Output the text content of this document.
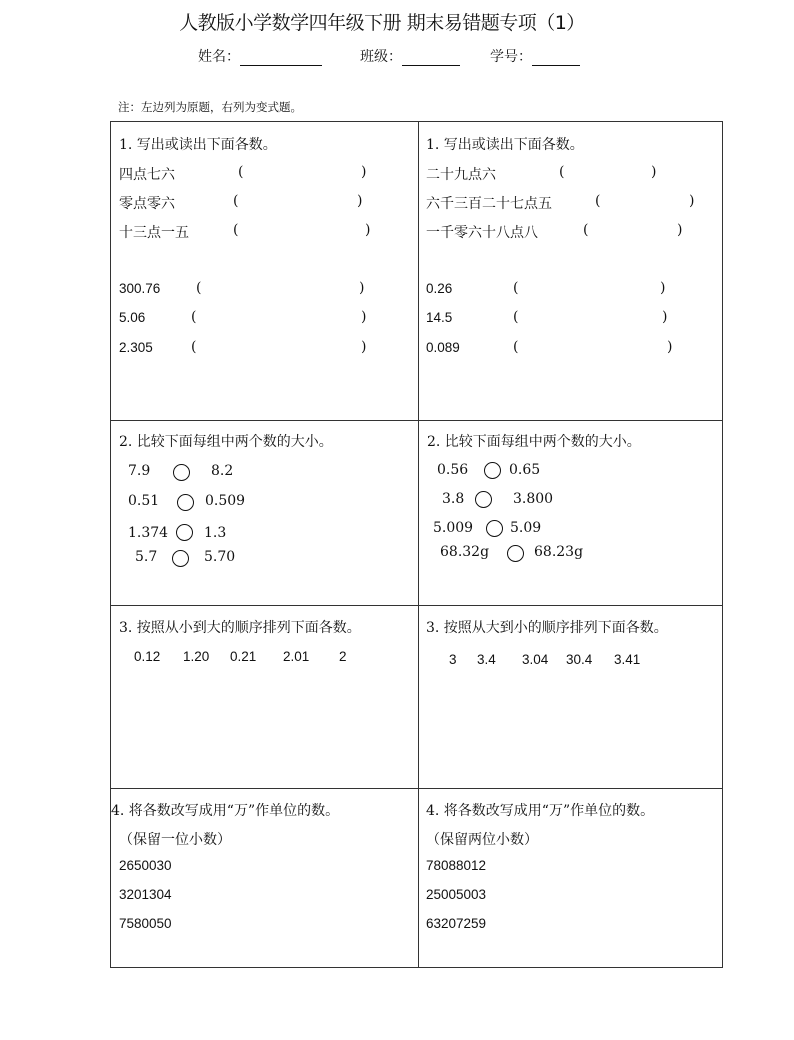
人教版小学数学四年级下册 期末易错题专项（1）
姓名：	班级：	学号：
注：左边列为原题，右列为变式题。
1. 写出或读出下面各数。
四点七六	(	)
零点零六	(	)
十三点一五	(	)
300.76	(	)
5.06	(	)
2.305	(	)
1. 写出或读出下面各数。
二十九点六	(	)
六千三百二十七点五	(	)
一千零六十八点八	(	)
0.26	(	)
14.5	(	)
0.089	(	)
2. 比较下面每组中两个数的大小。
7.9	8.2
0.51	0.509
1.374	1.3
5.7	5.70
2. 比较下面每组中两个数的大小。
0.56	0.65
3.8	3.800
5.009	5.09
68.32g	68.23g
3. 按照从小到大的顺序排列下面各数。
0.12 1.20 0.21 2.01 2
3. 按照从大到小的顺序排列下面各数。
3 3.4 3.04 30.4 3.41
4. 将各数改写成用“万”作单位的数。
（保留一位小数）
2650030
3201304
7580050
4. 将各数改写成用“万”作单位的数。
（保留两位小数）
78088012
25005003
63207259
